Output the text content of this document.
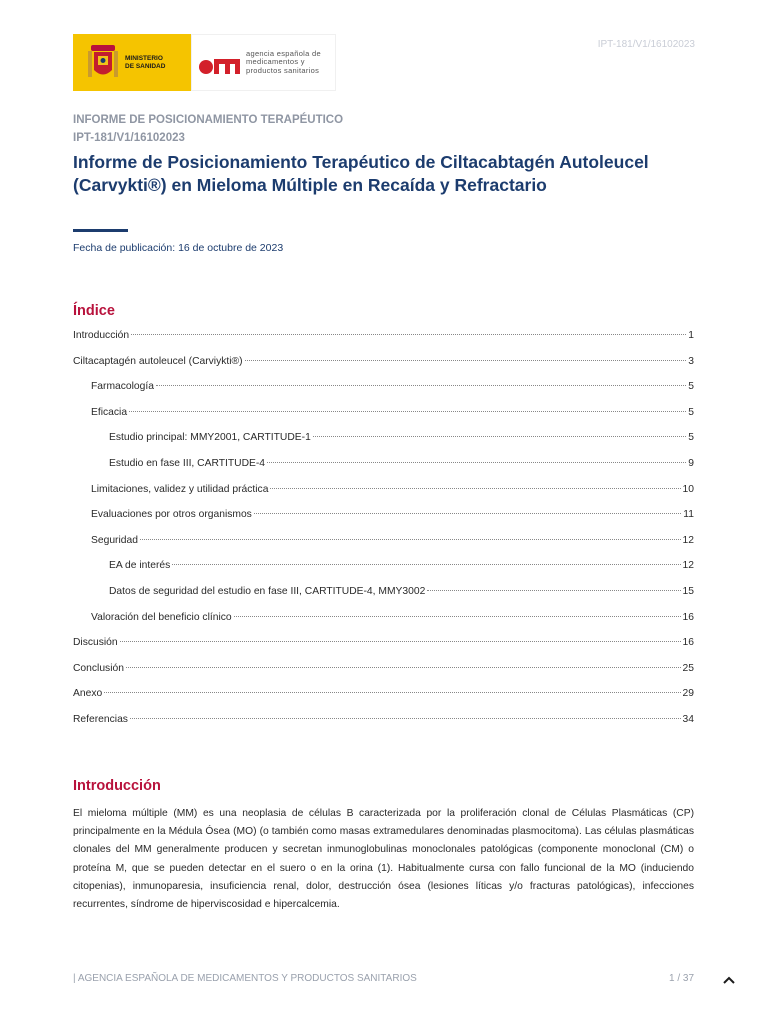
MINISTERIO
DE SANIDAD
agencia española de
medicamentos y
productos sanitarios
IPT-181/V1/16102023
INFORME DE POSICIONAMIENTO TERAPÉUTICO
IPT-181/V1/16102023
Informe de Posicionamiento Terapéutico de Ciltacabtagén Autoleucel (Carvykti®) en Mieloma Múltiple en Recaída y Refractario
Fecha de publicación: 16 de octubre de 2023
Índice
Introducción	1
Ciltacaptagén autoleucel (Carviykti®)	3
Farmacología	5
Eficacia	5
Estudio principal: MMY2001, CARTITUDE-1	5
Estudio en fase III, CARTITUDE-4	9
Limitaciones, validez y utilidad práctica	10
Evaluaciones por otros organismos	11
Seguridad	12
EA de interés	12
Datos de seguridad del estudio en fase III, CARTITUDE-4, MMY3002	15
Valoración del beneficio clínico	16
Discusión	16
Conclusión	25
Anexo	29
Referencias	34
Introducción

El mieloma múltiple (MM) es una neoplasia de células B caracterizada por la proliferación clonal de Células Plasmáticas (CP) principalmente en la Médula Ósea (MO) (o también como masas extramedulares denominadas plasmocitoma). Las células plasmáticas clonales del MM generalmente producen y secretan inmunoglobulinas monoclonales patológicas (componente monoclonal (CM) o proteína M, que se pueden detectar en el suero o en la orina (1). Habitualmente cursa con fallo funcional de la MO (induciendo citopenias), inmunoparesia, insuficiencia renal, dolor, destrucción ósea (lesiones líticas y/o fracturas patológicas), infecciones recurrentes, síndrome de hiperviscosidad e hipercalcemia.

| AGENCIA ESPAÑOLA DE MEDICAMENTOS Y PRODUCTOS SANITARIOS	1 / 37
